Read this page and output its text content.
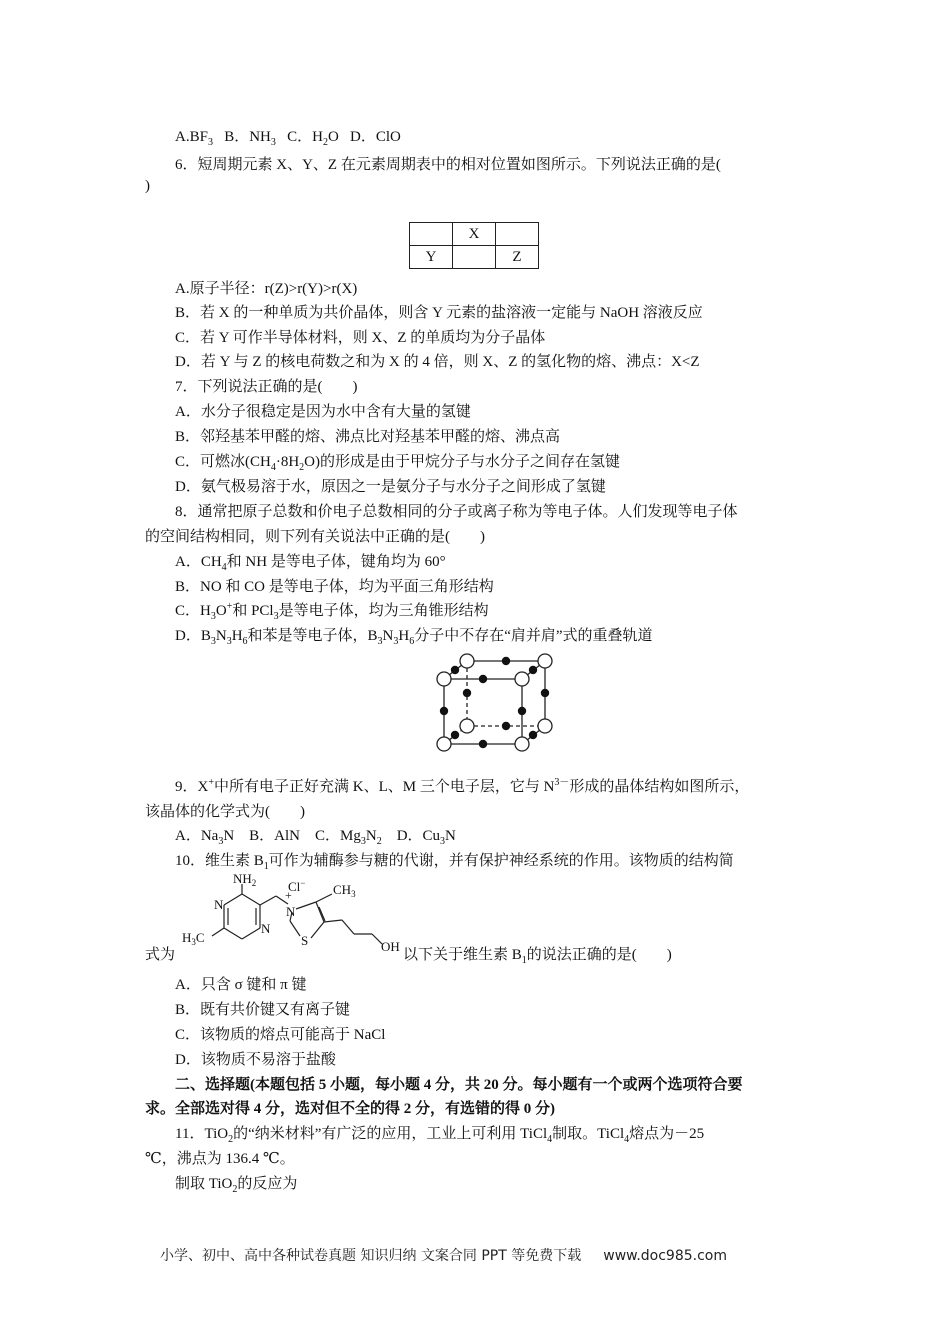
$A.BF_3$ B．$NH_3$ C．$H_2O$ D．ClO
6．短周期元素 X、Y、Z 在元素周期表中的相对位置如图所示。下列说法正确的是(
)
	X	
Y		Z
A.原子半径：r(Z)>r(Y)>r(X)
B．若 X 的一种单质为共价晶体，则含 Y 元素的盐溶液一定能与 NaOH 溶液反应
C．若 Y 可作半导体材料，则 X、Z 的单质均为分子晶体
D．若 Y 与 Z 的核电荷数之和为 X 的 4 倍，则 X、Z 的氢化物的熔、沸点：X<Z
7．下列说法正确的是(　　)
A．水分子很稳定是因为水中含有大量的氢键
B．邻羟基苯甲醛的熔、沸点比对羟基苯甲醛的熔、沸点高
C．可燃冰$(CH_4\cdot 8H_2O)$的形成是由于甲烷分子与水分子之间存在氢键
D．氨气极易溶于水，原因之一是氨分子与水分子之间形成了氢键
8．通常把原子总数和价电子总数相同的分子或离子称为等电子体。人们发现等电子体
的空间结构相同，则下列有关说法中正确的是(　　)
A．$CH_4$和 NH 是等电子体，键角均为 60°
B．NO 和 CO 是等电子体，均为平面三角形结构
C．$H_3O^+$和 PCl$_3$是等电子体，均为三角锥形结构
D．$B_3N_3H_6$和苯是等电子体，$B_3N_3H_6$分子中不存在“肩并肩”式的重叠轨道
9．X+中所有电子正好充满 K、L、M 三个电子层，它与 $N^{3-}$形成的晶体结构如图所示，
该晶体的化学式为(　　)
A．$Na_3N$　B．AlN　C．$Mg_3N_2$　D．$Cu_3N$
10．维生素 $B_1$可作为辅酶参与糖的代谢，并有保护神经系统的作用。该物质的结构简
$NH_2$
N
N	N
+
Cl−
S
$CH_3$
$H_3C$
OH
式为	以下关于维生素 $B_1$的说法正确的是(　　)
A．只含 σ 键和 π 键
B．既有共价键又有离子键
C．该物质的熔点可能高于 NaCl
D．该物质不易溶于盐酸
二、选择题(本题包括 5 小题，每小题 4 分，共 20 分。每小题有一个或两个选项符合要
求。全部选对得 4 分，选对但不全的得 2 分，有选错的得 0 分)
11．TiO$_2$的“纳米材料”有广泛的应用，工业上可利用 TiCl$_4$制取。TiCl$_4$熔点为－25
℃，沸点为 136.4 ℃。
制取 TiO$_2$的反应为
小学、初中、高中各种试卷真题 知识归纳 文案合同 PPT 等免费下载 www.doc985.com
